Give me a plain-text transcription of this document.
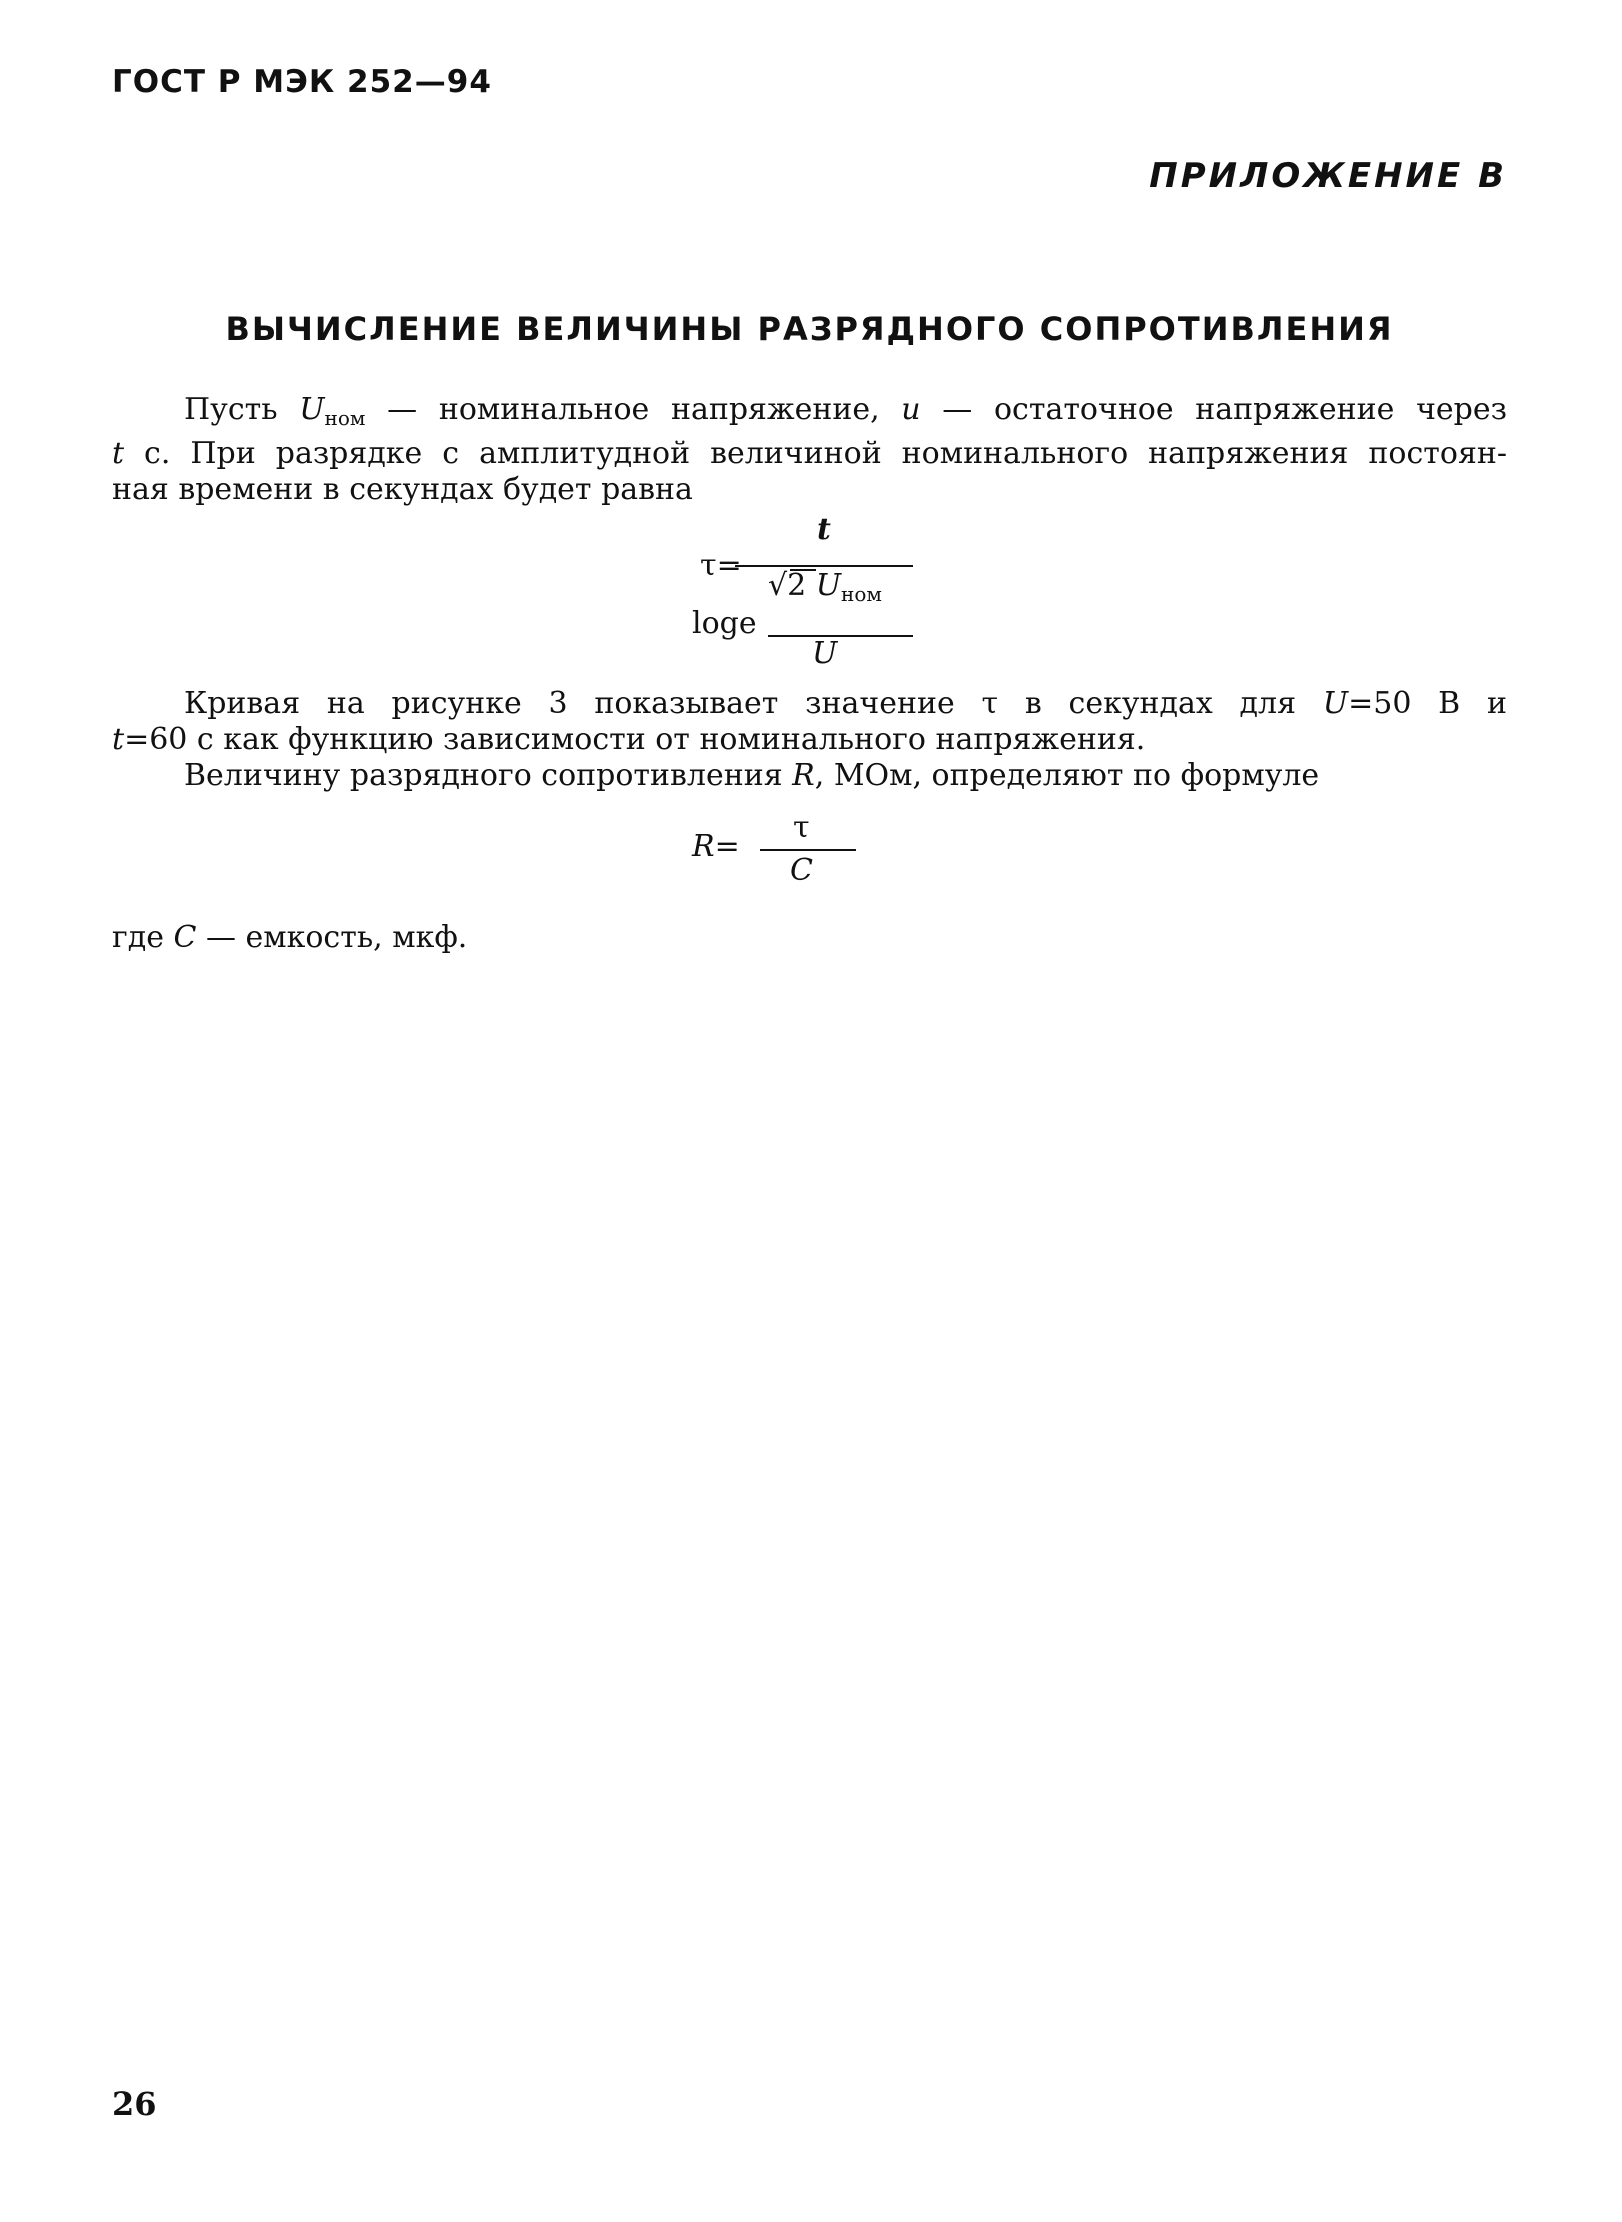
ГОСТ Р МЭК 252—94
ПРИЛОЖЕНИЕ В
ВЫЧИСЛЕНИЕ ВЕЛИЧИНЫ РАЗРЯДНОГО СОПРОТИВЛЕНИЯ
Пусть $U_{ном}$ — номинальное напряжение, u — остаточное напряжение через
t с. При разрядке с амплитудной величиной номинального напряжения постоян-
ная времени в секундах будет равна
t
τ=
√2 $U_{ном}$
loge
U
Кривая на рисунке 3 показывает значение τ в секундах для U=50 В и
t=60 с как функцию зависимости от номинального напряжения.
Величину разрядного сопротивления R, МОм, определяют по формуле
R=
τ
C
где C — емкость, мкф.
26
